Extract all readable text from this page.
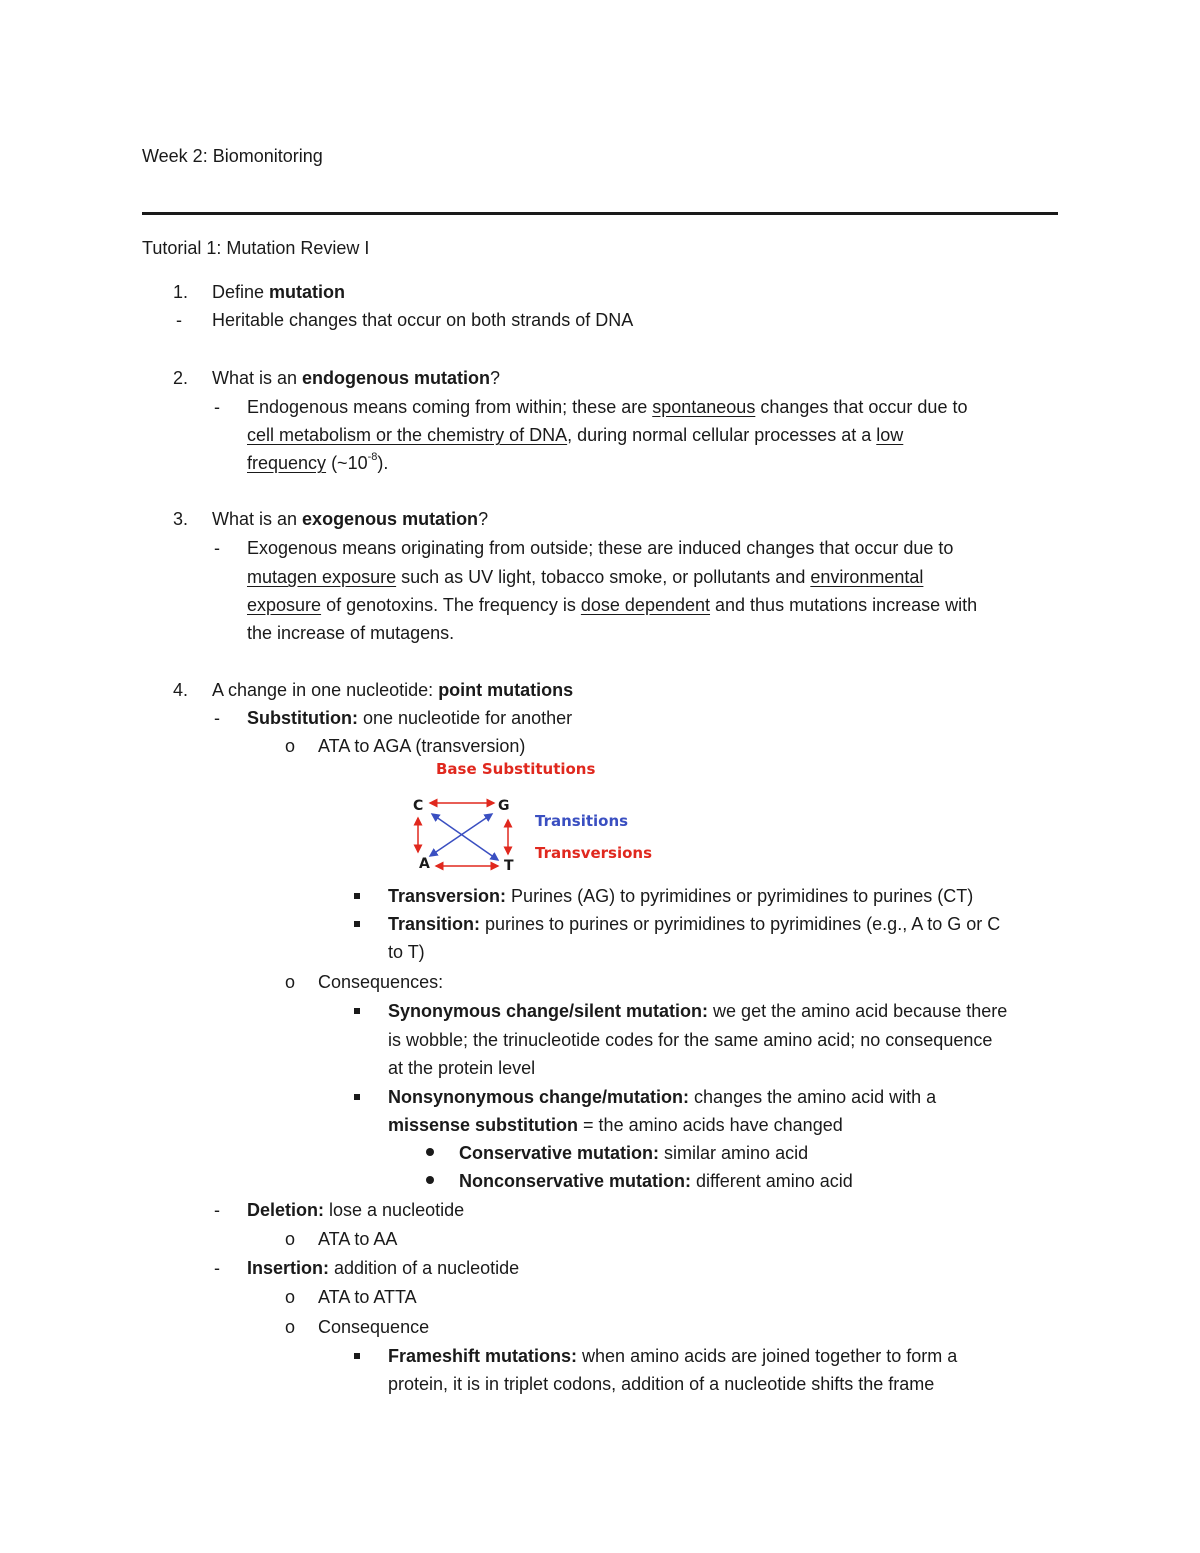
Week 2: Biomonitoring
Tutorial 1: Mutation Review I
1. Define mutation
- Heritable changes that occur on both strands of DNA
2. What is an endogenous mutation?
- Endogenous means coming from within; these are spontaneous changes that occur due to
cell metabolism or the chemistry of DNA, during normal cellular processes at a low
frequency $(\sim 10^{-8})$.
3. What is an exogenous mutation?
- Exogenous means originating from outside; these are induced changes that occur due to
mutagen exposure such as UV light, tobacco smoke, or pollutants and environmental
exposure of genotoxins. The frequency is dose dependent and thus mutations increase with
the increase of mutagens.
4. A change in one nucleotide: point mutations
- Substitution: one nucleotide for another
o ATA to AGA (transversion)
Base Substitutions
C	G
A	T
Transitions
Transversions
Transversion: Purines (AG) to pyrimidines or pyrimidines to purines (CT)
Transition: purines to purines or pyrimidines to pyrimidines (e.g., A to G or C
to T)
o Consequences:
Synonymous change/silent mutation: we get the amino acid because there
is wobble; the trinucleotide codes for the same amino acid; no consequence
at the protein level
Nonsynonymous change/mutation: changes the amino acid with a
missense substitution = the amino acids have changed
Conservative mutation: similar amino acid
Nonconservative mutation: different amino acid
- Deletion: lose a nucleotide
o ATA to AA
- Insertion: addition of a nucleotide
o ATA to ATTA
o Consequence
Frameshift mutations: when amino acids are joined together to form a
protein, it is in triplet codons, addition of a nucleotide shifts the frame
